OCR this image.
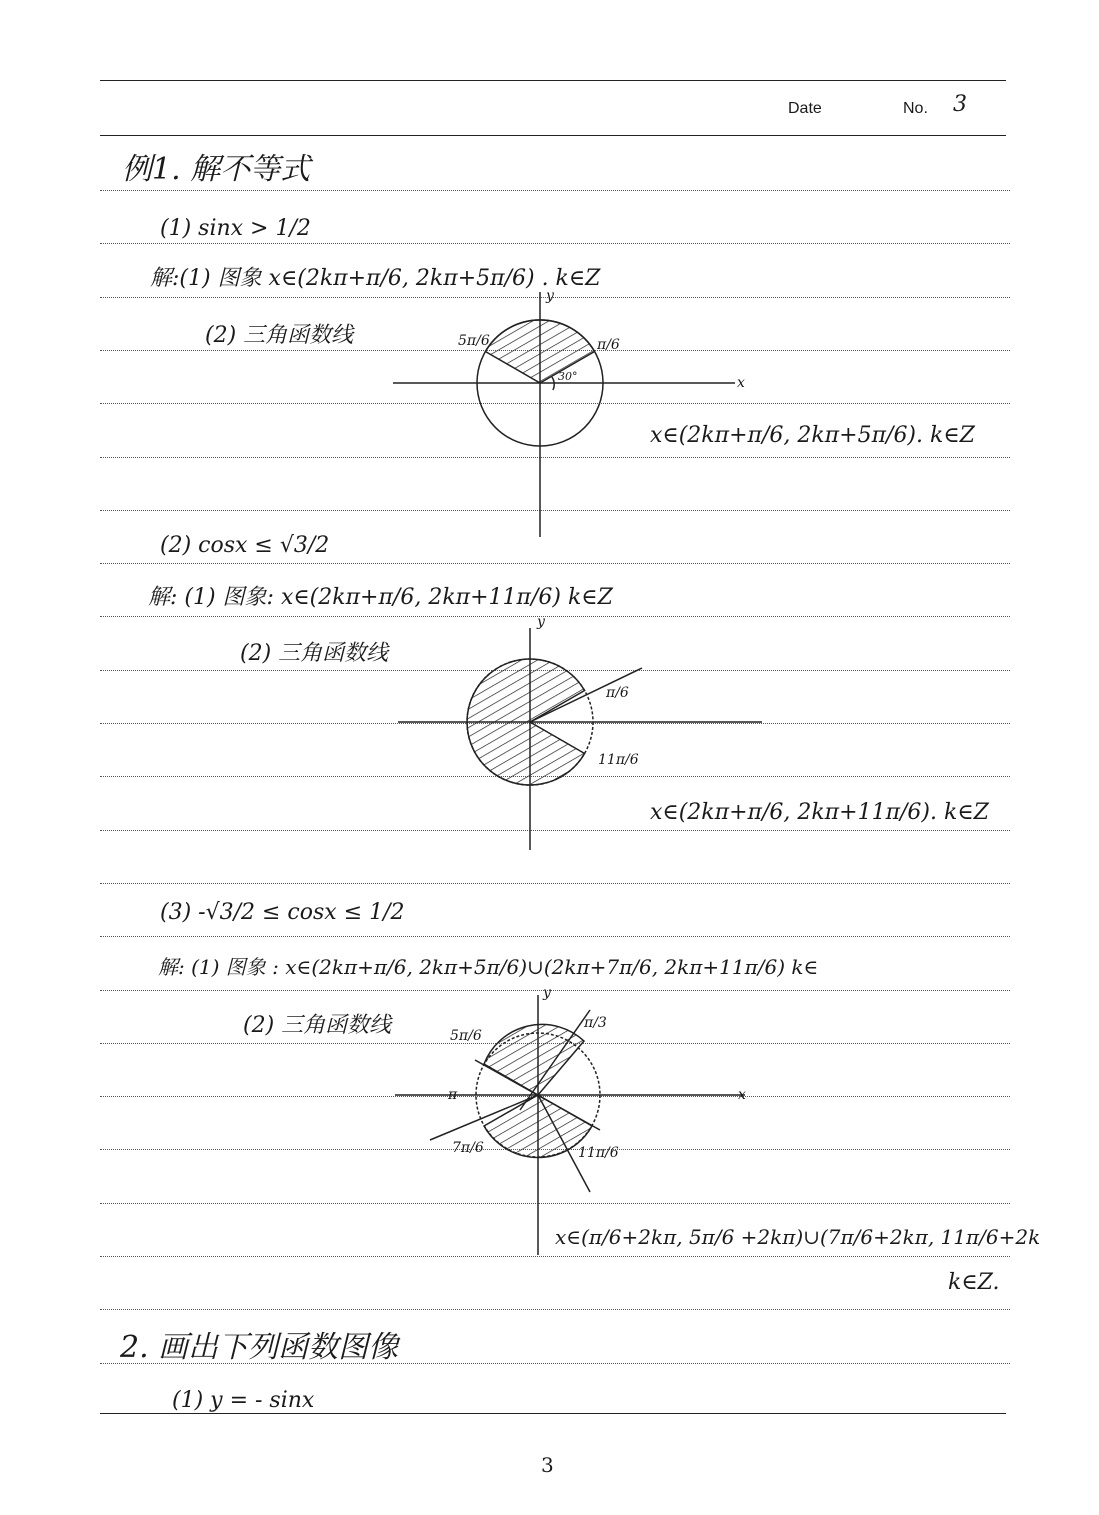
Date	No. 3
例1. 解不等式
(1) sinx > 1/2
解:(1) 图象 x∈(2kπ+π/6, 2kπ+5π/6) . k∈Z
(2) 三角函数线
x∈(2kπ+π/6, 2kπ+5π/6). k∈Z
(2) cosx ≤ √3/2
解: (1) 图象: x∈(2kπ+π/6, 2kπ+11π/6) k∈Z
(2) 三角函数线
x∈(2kπ+π/6, 2kπ+11π/6). k∈Z
(3) -√3/2 ≤ cosx ≤ 1/2
解: (1) 图象 : x∈(2kπ+π/6, 2kπ+5π/6)∪(2kπ+7π/6, 2kπ+11π/6) k∈
(2) 三角函数线
x∈(π/6+2kπ, 5π/6 +2kπ)∪(7π/6+2kπ, 11π/6+2k
k∈Z.
2. 画出下列函数图像
(1) y = - sinx
3
5π/6	π/6
30°	x
y
π/6
11π/6
y
5π/6
π/3
π
7π/6	11π/6
x
y
